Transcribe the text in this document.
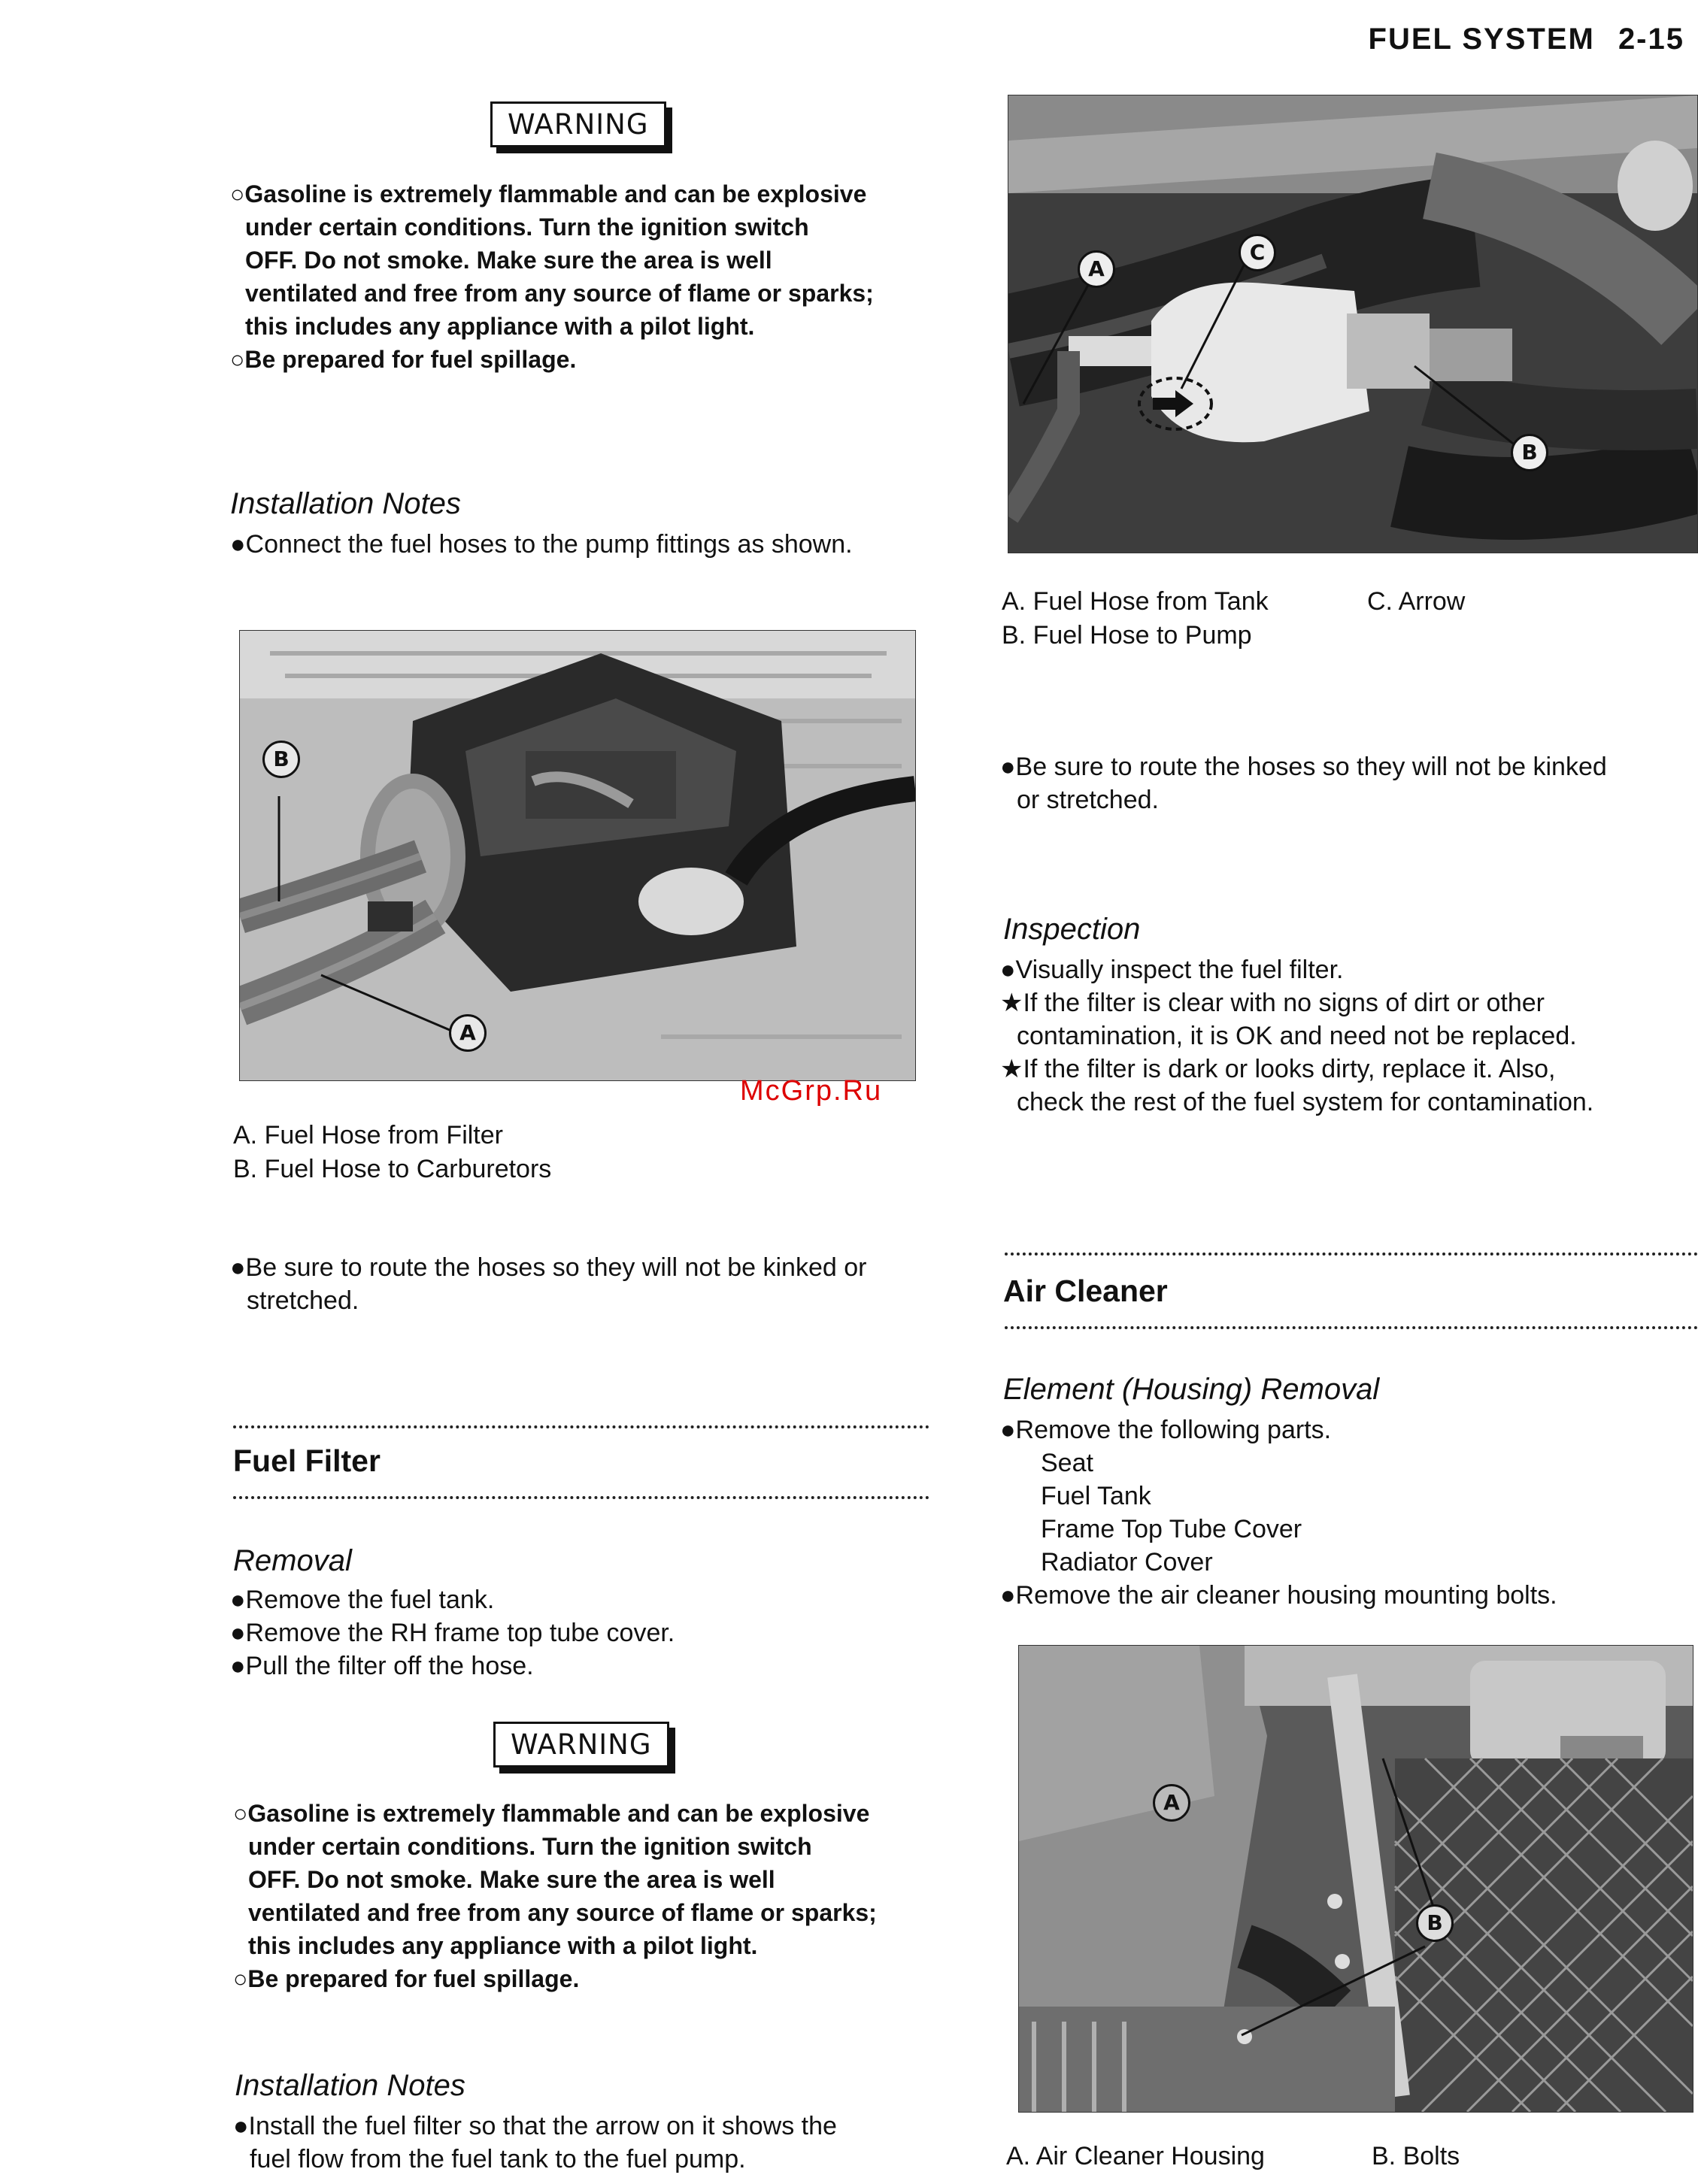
FUEL SYSTEM 2-15
WARNING

○Gasoline is extremely flammable and can be explosive

under certain conditions. Turn the ignition switch

OFF. Do not smoke. Make sure the area is well

ventilated and free from any source of flame or sparks;

this includes any appliance with a pilot light.

○Be prepared for fuel spillage.

Installation Notes
●Connect the fuel hoses to the pump fittings as shown.
B
A
McGrp.Ru
A. Fuel Hose from Filter
B. Fuel Hose to Carburetors

●Be sure to route the hoses so they will not be kinked or

stretched.

Fuel Filter
Removal

●Remove the fuel tank.

●Remove the RH frame top tube cover.

●Pull the filter off the hose.

WARNING

○Gasoline is extremely flammable and can be explosive

under certain conditions. Turn the ignition switch

OFF. Do not smoke. Make sure the area is well

ventilated and free from any source of flame or sparks;

this includes any appliance with a pilot light.

○Be prepared for fuel spillage.

Installation Notes

●Install the fuel filter so that the arrow on it shows the

fuel flow from the fuel tank to the fuel pump.

A
C
B
A. Fuel Hose from Tank
B. Fuel Hose to Pump
C. Arrow

●Be sure to route the hoses so they will not be kinked

or stretched.

Inspection

●Visually inspect the fuel filter.

★If the filter is clear with no signs of dirt or other

contamination, it is OK and need not be replaced.

★If the filter is dark or looks dirty, replace it. Also,

check the rest of the fuel system for contamination.

Air Cleaner
Element (Housing) Removal

●Remove the following parts.

Seat

Fuel Tank

Frame Top Tube Cover

Radiator Cover

●Remove the air cleaner housing mounting bolts.

A
B
A. Air Cleaner Housing	B. Bolts
